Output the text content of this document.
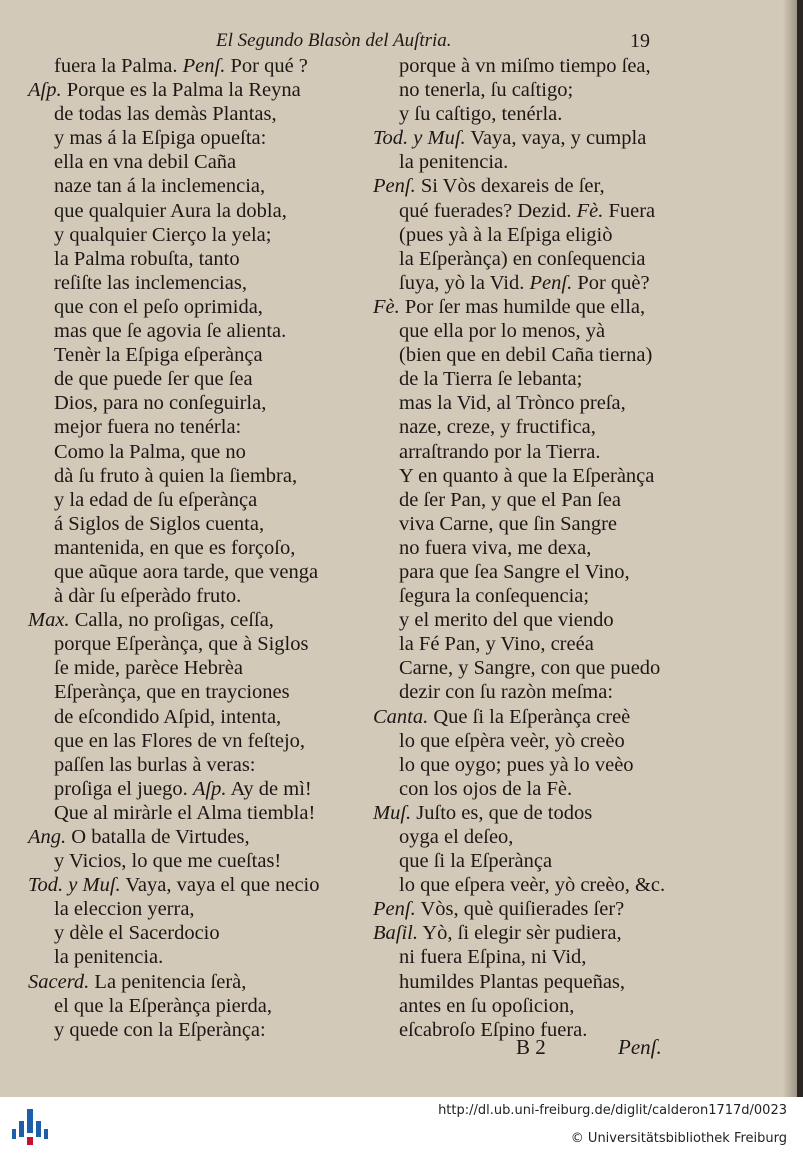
El Segundo Blasòn del Auſtria.	19
fuera la Palma. Penſ. Por qué ?
Aſp. Porque es la Palma la Reyna
de todas las demàs Plantas,
y mas á la Eſpiga opueſta:
ella en vna debil Caña
naze tan á la inclemencia,
que qualquier Aura la dobla,
y qualquier Cierço la yela;
la Palma robuſta, tanto
reſiſte las inclemencias,
que con el peſo oprimida,
mas que ſe agovia ſe alienta.
Tenèr la Eſpiga eſperànça
de que puede ſer que ſea
Dios, para no conſeguirla,
mejor fuera no tenérla:
Como la Palma, que no
dà ſu fruto à quien la ſiembra,
y la edad de ſu eſperànça
á Siglos de Siglos cuenta,
mantenida, en que es forçoſo,
que aũque aora tarde, que venga
à dàr ſu eſperàdo fruto.
Max. Calla, no proſigas, ceſſa,
porque Eſperànça, que à Siglos
ſe mide, parèce Hebrèa
Eſperànça, que en trayciones
de eſcondido Aſpid, intenta,
que en las Flores de vn feſtejo,
paſſen las burlas à veras:
proſiga el juego. Aſp. Ay de mì!
Que al miràrle el Alma tiembla!
Ang. O batalla de Virtudes,
y Vicios, lo que me cueſtas!
Tod. y Muſ. Vaya, vaya el que necio
la eleccion yerra,
y dèle el Sacerdocio
la penitencia.
Sacerd. La penitencia ſerà,
el que la Eſperànça pierda,
y quede con la Eſperànça:
porque à vn miſmo tiempo ſea,
no tenerla, ſu caſtigo;
y ſu caſtigo, tenérla.
Tod. y Muſ. Vaya, vaya, y cumpla
la penitencia.
Penſ. Si Vòs dexareis de ſer,
qué fuerades? Dezid. Fè. Fuera
(pues yà à la Eſpiga eligiò
la Eſperànça) en conſequencia
ſuya, yò la Vid. Penſ. Por què?
Fè. Por ſer mas humilde que ella,
que ella por lo menos, yà
(bien que en debil Caña tierna)
de la Tierra ſe lebanta;
mas la Vid, al Trònco preſa,
naze, creze, y fructifica,
arraſtrando por la Tierra.
Y en quanto à que la Eſperànça
de ſer Pan, y que el Pan ſea
viva Carne, que ſin Sangre
no fuera viva, me dexa,
para que ſea Sangre el Vino,
ſegura la conſequencia;
y el merito del que viendo
la Fé Pan, y Vino, creéa
Carne, y Sangre, con que puedo
dezir con ſu razòn meſma:
Canta. Que ſi la Eſperànça creè
lo que eſpèra veèr, yò creèo
lo que oygo; pues yà lo veèo
con los ojos de la Fè.
Muſ. Juſto es, que de todos
oyga el deſeo,
que ſi la Eſperànça
lo que eſpera veèr, yò creèo, &c.
Penſ. Vòs, què quiſierades ſer?
Baſil. Yò, ſi elegir sèr pudiera,
ni fuera Eſpina, ni Vid,
humildes Plantas pequeñas,
antes en ſu opoſicion,
eſcabroſo Eſpino fuera.
B 2	Penſ.
http://dl.ub.uni-freiburg.de/diglit/calderon1717d/0023
© Universitätsbibliothek Freiburg
